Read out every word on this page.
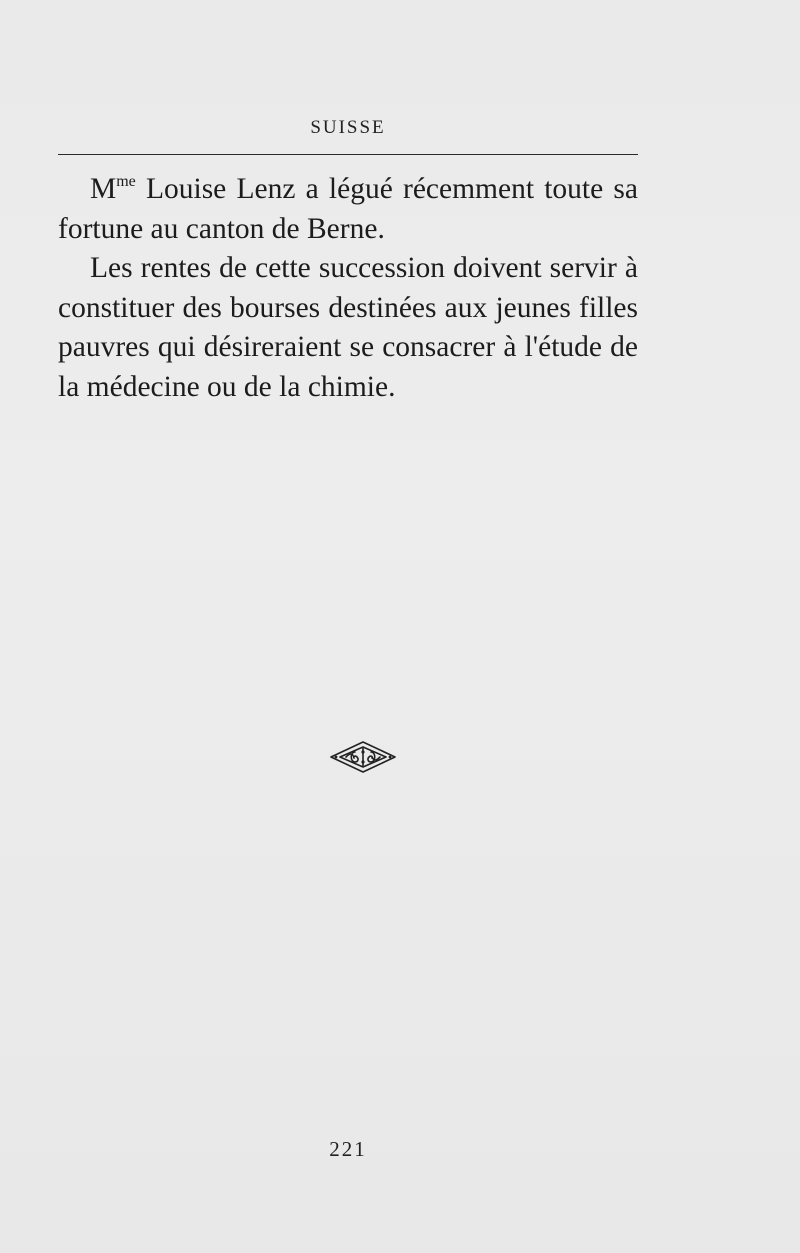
SUISSE

$M^{me}$ Louise Lenz a légué récemment toute sa fortune au canton de Berne.

Les rentes de cette succession doivent servir à constituer des bourses destinées aux jeunes filles pauvres qui désireraient se consacrer à l'étude de la médecine ou de la chimie.

221
